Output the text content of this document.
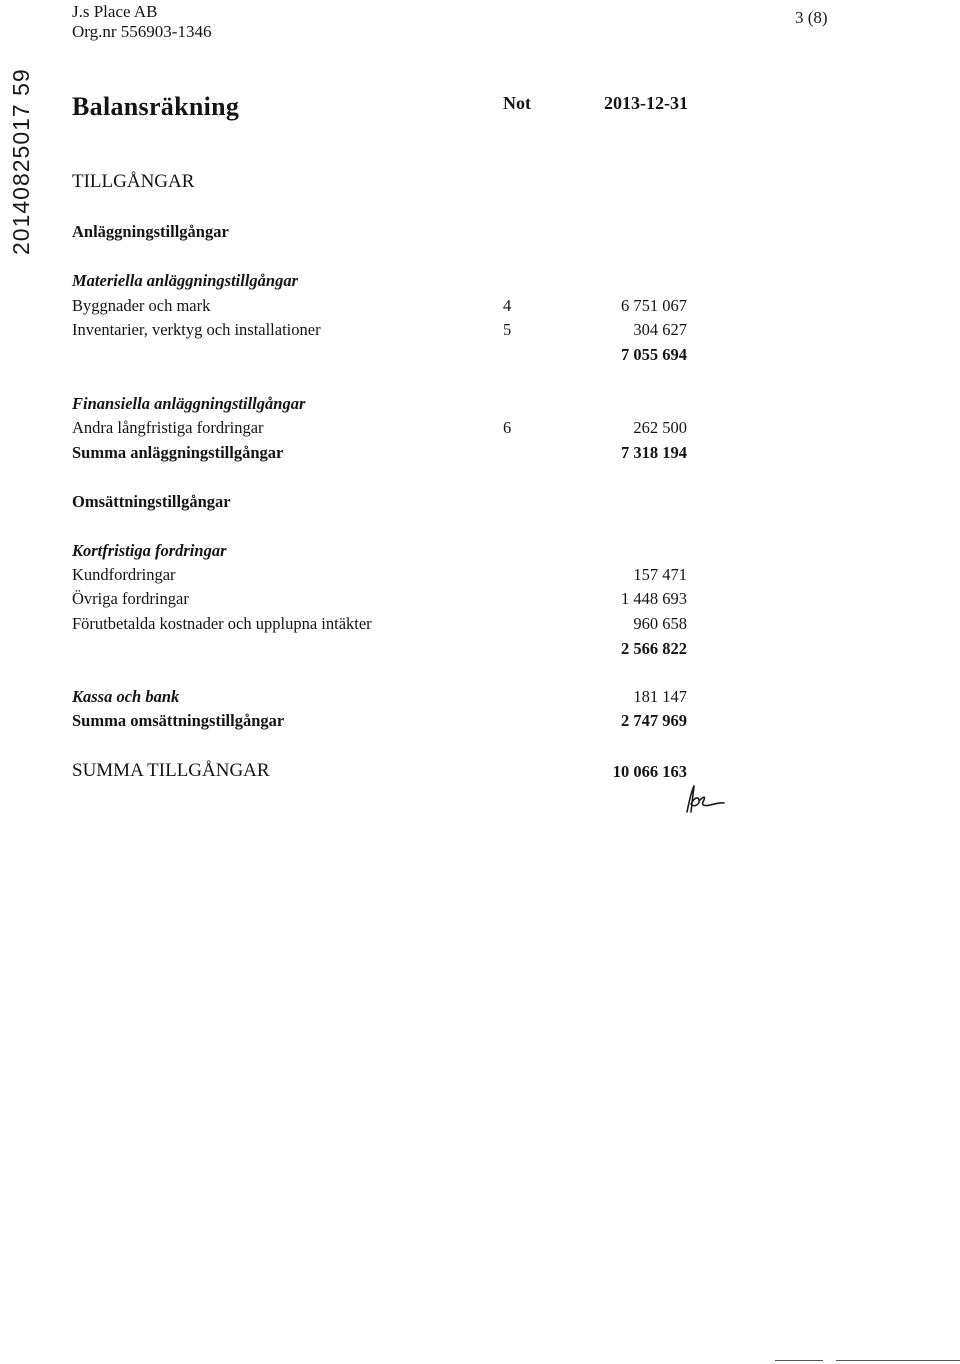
J.s Place AB
Org.nr 556903-1346
3 (8)
20140825017 59 Balansräkning	Not	2013-12-31
TILLGÅNGAR
Anläggningstillgångar
Materiella anläggningstillgångar
Byggnader och mark	4	6 751 067
Inventarier, verktyg och installationer	5	304 627
7 055 694
Finansiella anläggningstillgångar
Andra långfristiga fordringar	6	262 500
Summa anläggningstillgångar	7 318 194
Omsättningstillgångar
Kortfristiga fordringar
Kundfordringar	157 471
Övriga fordringar	1 448 693
Förutbetalda kostnader och upplupna intäkter	960 658
2 566 822
Kassa och bank	181 147
Summa omsättningstillgångar	2 747 969
SUMMA TILLGÅNGAR	10 066 163
